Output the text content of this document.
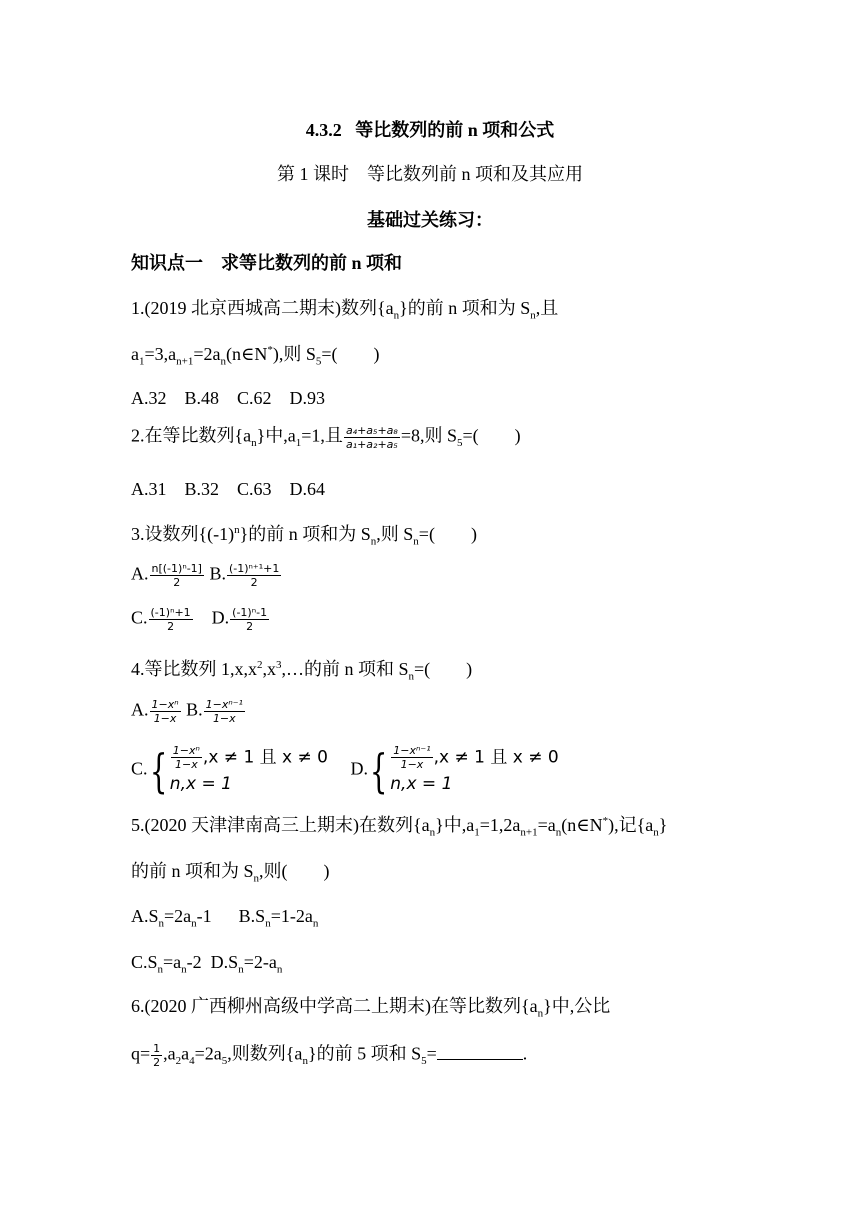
4.3.2 等比数列的前 n 项和公式
第 1 课时 等比数列前 n 项和及其应用
基础过关练习：
知识点一 求等比数列的前 n 项和
1.(2019 北京西城高二期末)数列$\{a_n\}$的前 n 项和为 $S_n$,且
$a_1=3,a_{n+1}=2a_n(n\in N^*)$,则 $S_5=$(　　)
A.32　B.48　C.62　D.93
2.在等比数列$\{a_n\}$中$,a_1=1$,且 $\frac{\text{a₄+a₅+a₈}}{\text{a₁+a₂+a₅}} =8$,则 $S_5=$(　　)
A.31　B.32　C.63　D.64
3.设数列$\{(-1)^n\}$的前 n 项和为 $S_n$,则 $S_n=$(　　)
A. $\frac{\text{n[(-1)ⁿ-1]}}{2} B$. $\frac{\text{(-1)ⁿ⁺¹+1}}{2}$
C. $\frac{\text{(-1)ⁿ+1}}{2} D$. $\frac{\text{(-1)ⁿ-1}}{2}$
4.等比数列 $1,x,x^2,x^3,\dots$的前 n 项和 $S_n=$(　　)
A. $\frac{\text{1−xⁿ}}{1-x} B$. $\frac{\text{1−xⁿ⁻¹}}{1-x}$
$C.\{ \frac{\text{1−xⁿ}}{1-x} ,x \ne 1$ 且 x ≠ 0
n,x = 1
$D.\{ \frac{\text{1−xⁿ⁻¹}}{1-x} ,x \ne 1$ 且 x ≠ 0
n,x = 1
5.(2020 天津津南高三上期末)在数列$\{a_n\}$中$,a_1=1,2a_{n+1}=a_n(n\in N^*)$,记$\{a_n\}$
的前 n 项和为 $S_n$,则(　　)
$A.S_n=2a_n-1$ $B.S_n=1-2a_n$
$C.S_n=a_n-2$ $D.S_n=2-a_n$
6.(2020 广西柳州高级中学高二上期末)在等比数列$\{a_n\}$中,公比
$q= \frac{1}{2} ,a_2a_4=2a_5$,则数列$\{a_n\}$的前 5 项和 $S_5=$	.
